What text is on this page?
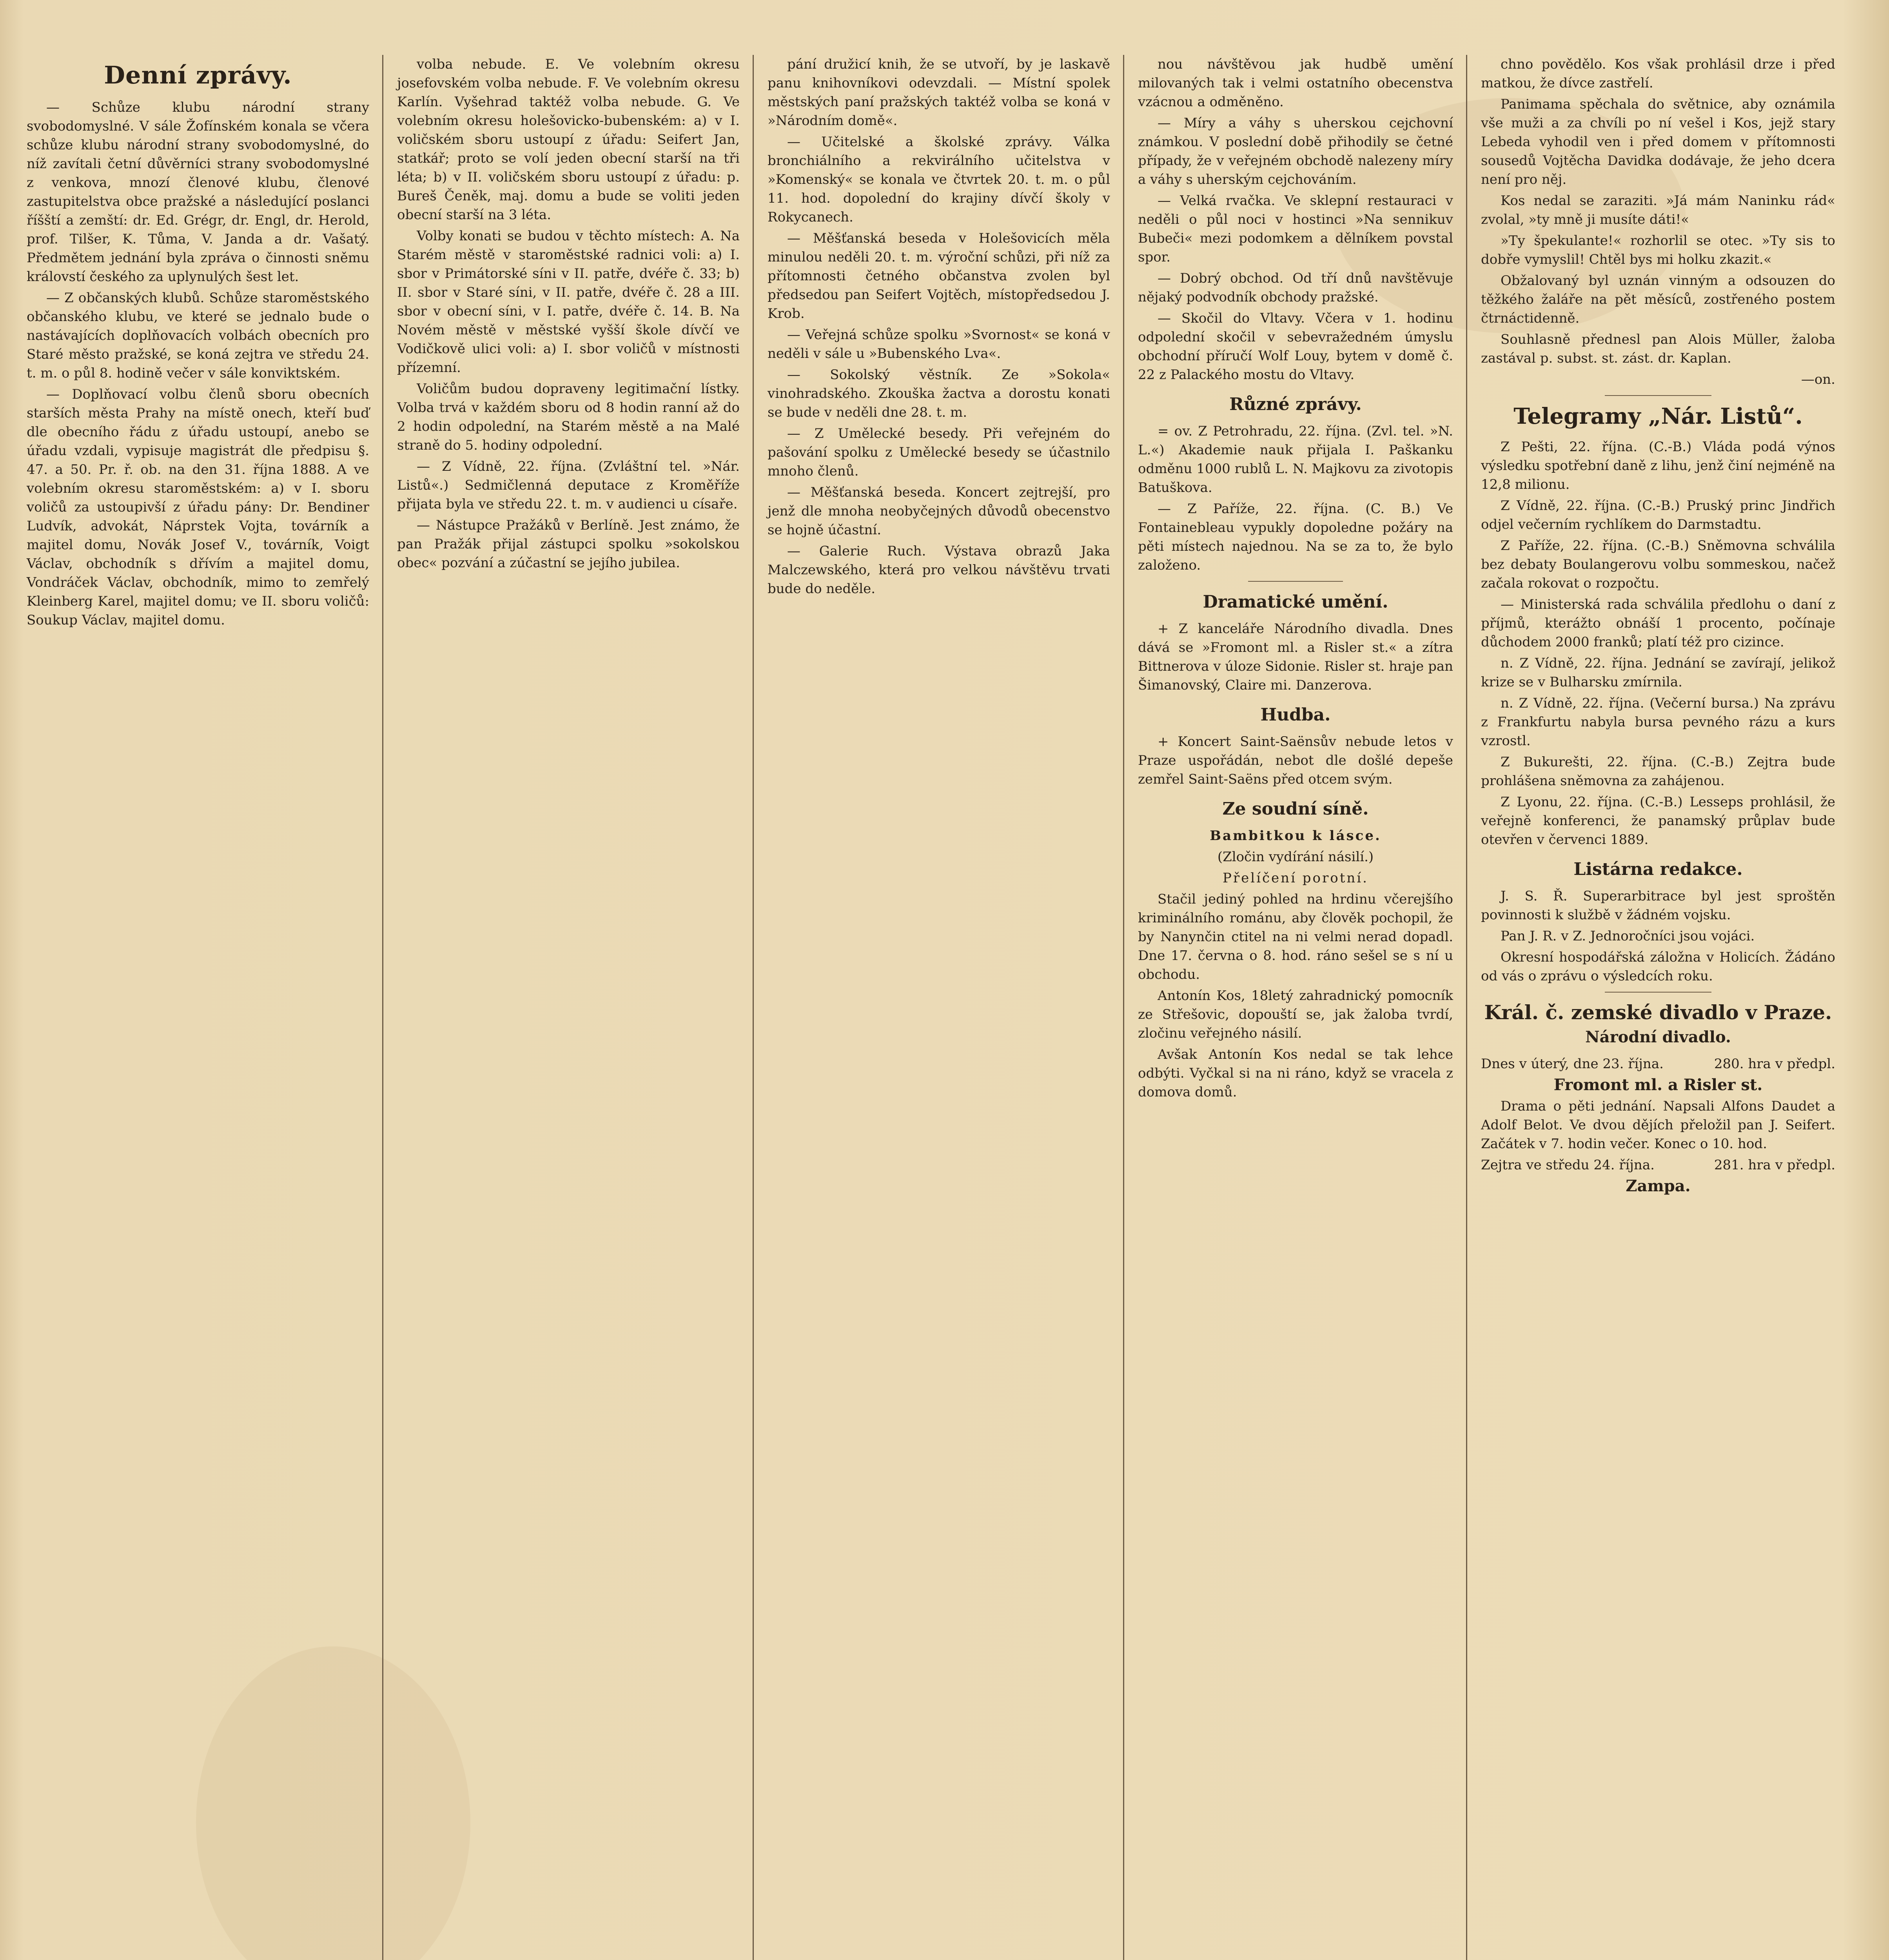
Denní zprávy.

— Schůze klubu národní strany svobodomyslné. V sále Žofínském konala se včera schůze klubu národní strany svobodomyslné, do níž zavítali četní důvěrníci strany svobodomyslné z venkova, mnozí členové klubu, členové zastupitelstva obce pražské a následující poslanci říšští a zemští: dr. Ed. Grégr, dr. Engl, dr. Herold, prof. Tilšer, K. Tůma, V. Janda a dr. Vašatý. Předmětem jednání byla zpráva o činnosti sněmu královstí českého za uplynulých šest let.

— Z občanských klubů. Schůze staroměstského občanského klubu, ve které se jednalo bude o nastávajících doplňovacích volbách obecních pro Staré město pražské, se koná zejtra ve středu 24. t. m. o půl 8. hodině večer v sále konviktském.

— Doplňovací volbu členů sboru obecních starších města Prahy na místě onech, kteří buď dle obecního řádu z úřadu ustoupí, anebo se úřadu vzdali, vypisuje magistrát dle předpisu §. 47. a 50. Pr. ř. ob. na den 31. října 1888. A ve volebním okresu staroměstském: a) v I. sboru voličů za ustoupivší z úřadu pány: Dr. Bendiner Ludvík, advokát, Náprstek Vojta, továrník a majitel domu, Novák Josef V., továrník, Voigt Václav, obchodník s dřívím a majitel domu, Vondráček Václav, obchodník, mimo to zemřelý Kleinberg Karel, majitel domu; ve II. sboru voličů: Soukup Václav, majitel domu.

volba nebude. E. Ve volebním okresu josefovském volba nebude. F. Ve volebním okresu Karlín. Vyšehrad taktéž volba nebude. G. Ve volebním okresu holešovicko-bubenském: a) v I. voličském sboru ustoupí z úřadu: Seifert Jan, statkář; proto se volí jeden obecní starší na tři léta; b) v II. voličském sboru ustoupí z úřadu: p. Bureš Čeněk, maj. domu a bude se voliti jeden obecní starší na 3 léta.

Volby konati se budou v těchto místech: A. Na Starém městě v staroměstské radnici voli: a) I. sbor v Primátorské síni v II. patře, dvéře č. 33; b) II. sbor v Staré síni, v II. patře, dvéře č. 28 a III. sbor v obecní síni, v I. patře, dvéře č. 14. B. Na Novém městě v městské vyšší škole dívčí ve Vodičkově ulici voli: a) I. sbor voličů v místnosti přízemní.

Voličům budou dopraveny legitimační lístky. Volba trvá v každém sboru od 8 hodin ranní až do 2 hodin odpolední, na Starém městě a na Malé straně do 5. hodiny odpolední.

— Z Vídně, 22. října. (Zvláštní tel. »Nár. Listů«.) Sedmičlenná deputace z Kroměříže přijata byla ve středu 22. t. m. v audienci u císaře.

— Nástupce Pražáků v Berlíně. Jest známo, že pan Pražák přijal zástupci spolku »sokolskou obec« pozvání a zúčastní se jejího jubilea.

pání družicí knih, že se utvoří, by je laskavě panu knihovníkovi odevzdali. — Místní spolek městských paní pražských taktéž volba se koná v »Národním domě«.

— Učitelské a školské zprávy. Válka bronchiálního a rekvirálního učitelstva v »Komenský« se konala ve čtvrtek 20. t. m. o půl 11. hod. dopolední do krajiny dívčí školy v Rokycanech.

— Měšťanská beseda v Holešovicích měla minulou neděli 20. t. m. výroční schůzi, při níž za přítomnosti četného občanstva zvolen byl předsedou pan Seifert Vojtěch, místopředsedou J. Krob.

— Veřejná schůze spolku »Svornost« se koná v neděli v sále u »Bubenského Lva«.

— Sokolský věstník. Ze »Sokola« vinohradského. Zkouška žactva a dorostu konati se bude v neděli dne 28. t. m.

— Z Umělecké besedy. Při veřejném do pašování spolku z Umělecké besedy se účastnilo mnoho členů.

— Měšťanská beseda. Koncert zejtrejší, pro jenž dle mnoha neobyčejných důvodů obecenstvo se hojně účastní.

— Galerie Ruch. Výstava obrazů Jaka Malczewského, která pro velkou návštěvu trvati bude do neděle.

nou návštěvou jak hudbě umění milovaných tak i velmi ostatního obecenstva vzácnou a odměněno.

— Míry a váhy s uherskou cejchovní známkou. V poslední době přihodily se četné případy, že v veřejném obchodě nalezeny míry a váhy s uherským cejchováním.

— Velká rvačka. Ve sklepní restauraci v neděli o půl noci v hostinci »Na sennikuv Bubeči« mezi podomkem a dělníkem povstal spor.

— Dobrý obchod. Od tří dnů navštěvuje nějaký podvodník obchody pražské.

— Skočil do Vltavy. Včera v 1. hodinu odpolední skočil v sebevražedném úmyslu obchodní příručí Wolf Louy, bytem v domě č. 22 z Palackého mostu do Vltavy.

Různé zprávy.

= ov. Z Petrohradu, 22. října. (Zvl. tel. »N. L.«) Akademie nauk přijala I. Paškanku odměnu 1000 rublů L. N. Majkovu za zivotopis Batuškova.

— Z Paříže, 22. října. (C. B.) Ve Fontainebleau vypukly dopoledne požáry na pěti místech najednou. Na se za to, že bylo založeno.

Dramatické umění.

+ Z kanceláře Národního divadla. Dnes dává se »Fromont ml. a Risler st.« a zítra Bittnerova v úloze Sidonie. Risler st. hraje pan Šimanovský, Claire mi. Danzerova.

Hudba.

+ Koncert Saint-Saënsův nebude letos v Praze uspořádán, nebot dle došlé depeše zemřel Saint-Saëns před otcem svým.

Ze soudní síně.

Bambitkou k lásce.

(Zločin vydírání násilí.)

Přelíčení porotní.

Stačil jediný pohled na hrdinu včerejšího kriminálního románu, aby člověk pochopil, že by Nanynčin ctitel na ni velmi nerad dopadl. Dne 17. června o 8. hod. ráno sešel se s ní u obchodu.

Antonín Kos, 18letý zahradnický pomocník ze Střešovic, dopouští se, jak žaloba tvrdí, zločinu veřejného násilí.

Avšak Antonín Kos nedal se tak lehce odbýti. Vyčkal si na ni ráno, když se vracela z domova domů.

chno povědělo. Kos však prohlásil drze i před matkou, že dívce zastřelí.

Panimama spěchala do světnice, aby oznámila vše muži a za chvíli po ní vešel i Kos, jejž stary Lebeda vyhodil ven i před domem v přítomnosti sousedů Vojtěcha Davidka dodávaje, že jeho dcera není pro něj.

Kos nedal se zaraziti. »Já mám Naninku rád« zvolal, »ty mně ji musíte dáti!«

»Ty špekulante!« rozhorlil se otec. »Ty sis to dobře vymyslil! Chtěl bys mi holku zkazit.«

Obžalovaný byl uznán vinným a odsouzen do těžkého žaláře na pět měsíců, zostřeného postem čtrnáctidenně.

Souhlasně přednesl pan Alois Müller, žaloba zastával p. subst. st. zást. dr. Kaplan.

—on.

Telegramy „Nár. Listů“.

Z Pešti, 22. října. (C.-B.) Vláda podá výnos výsledku spotřební daně z lihu, jenž činí nejméně na 12,8 milionu.

Z Vídně, 22. října. (C.-B.) Pruský princ Jindřich odjel večerním rychlíkem do Darmstadtu.

Z Paříže, 22. října. (C.-B.) Sněmovna schválila bez debaty Boulangerovu volbu sommeskou, načež začala rokovat o rozpočtu.

— Ministerská rada schválila předlohu o daní z příjmů, kterážto obnáší 1 procento, počínaje důchodem 2000 franků; platí též pro cizince.

n. Z Vídně, 22. října. Jednání se zavírají, jelikož krize se v Bulharsku zmírnila.

n. Z Vídně, 22. října. (Večerní bursa.) Na zprávu z Frankfurtu nabyla bursa pevného rázu a kurs vzrostl.

Z Bukurešti, 22. října. (C.-B.) Zejtra bude prohlášena sněmovna za zahájenou.

Z Lyonu, 22. října. (C.-B.) Lesseps prohlásil, že veřejně konferenci, že panamský průplav bude otevřen v červenci 1889.

Listárna redakce.

J. S. Ř. Superarbitrace byl jest sproštěn povinnosti k službě v žádném vojsku.

Pan J. R. v Z. Jednoročníci jsou vojáci.

Okresní hospodářská záložna v Holicích. Žádáno od vás o zprávu o výsledcích roku.

Král. č. zemské divadlo v Praze.
Národní divadlo.

Dnes v úterý, dne 23. října.	280. hra v předpl.

Fromont ml. a Risler st.

Drama o pěti jednání. Napsali Alfons Daudet a Adolf Belot. Ve dvou dějích přeložil pan J. Seifert. Začátek v 7. hodin večer. Konec o 10. hod.

Zejtra ve středu 24. října.	281. hra v předpl.

Zampa.
